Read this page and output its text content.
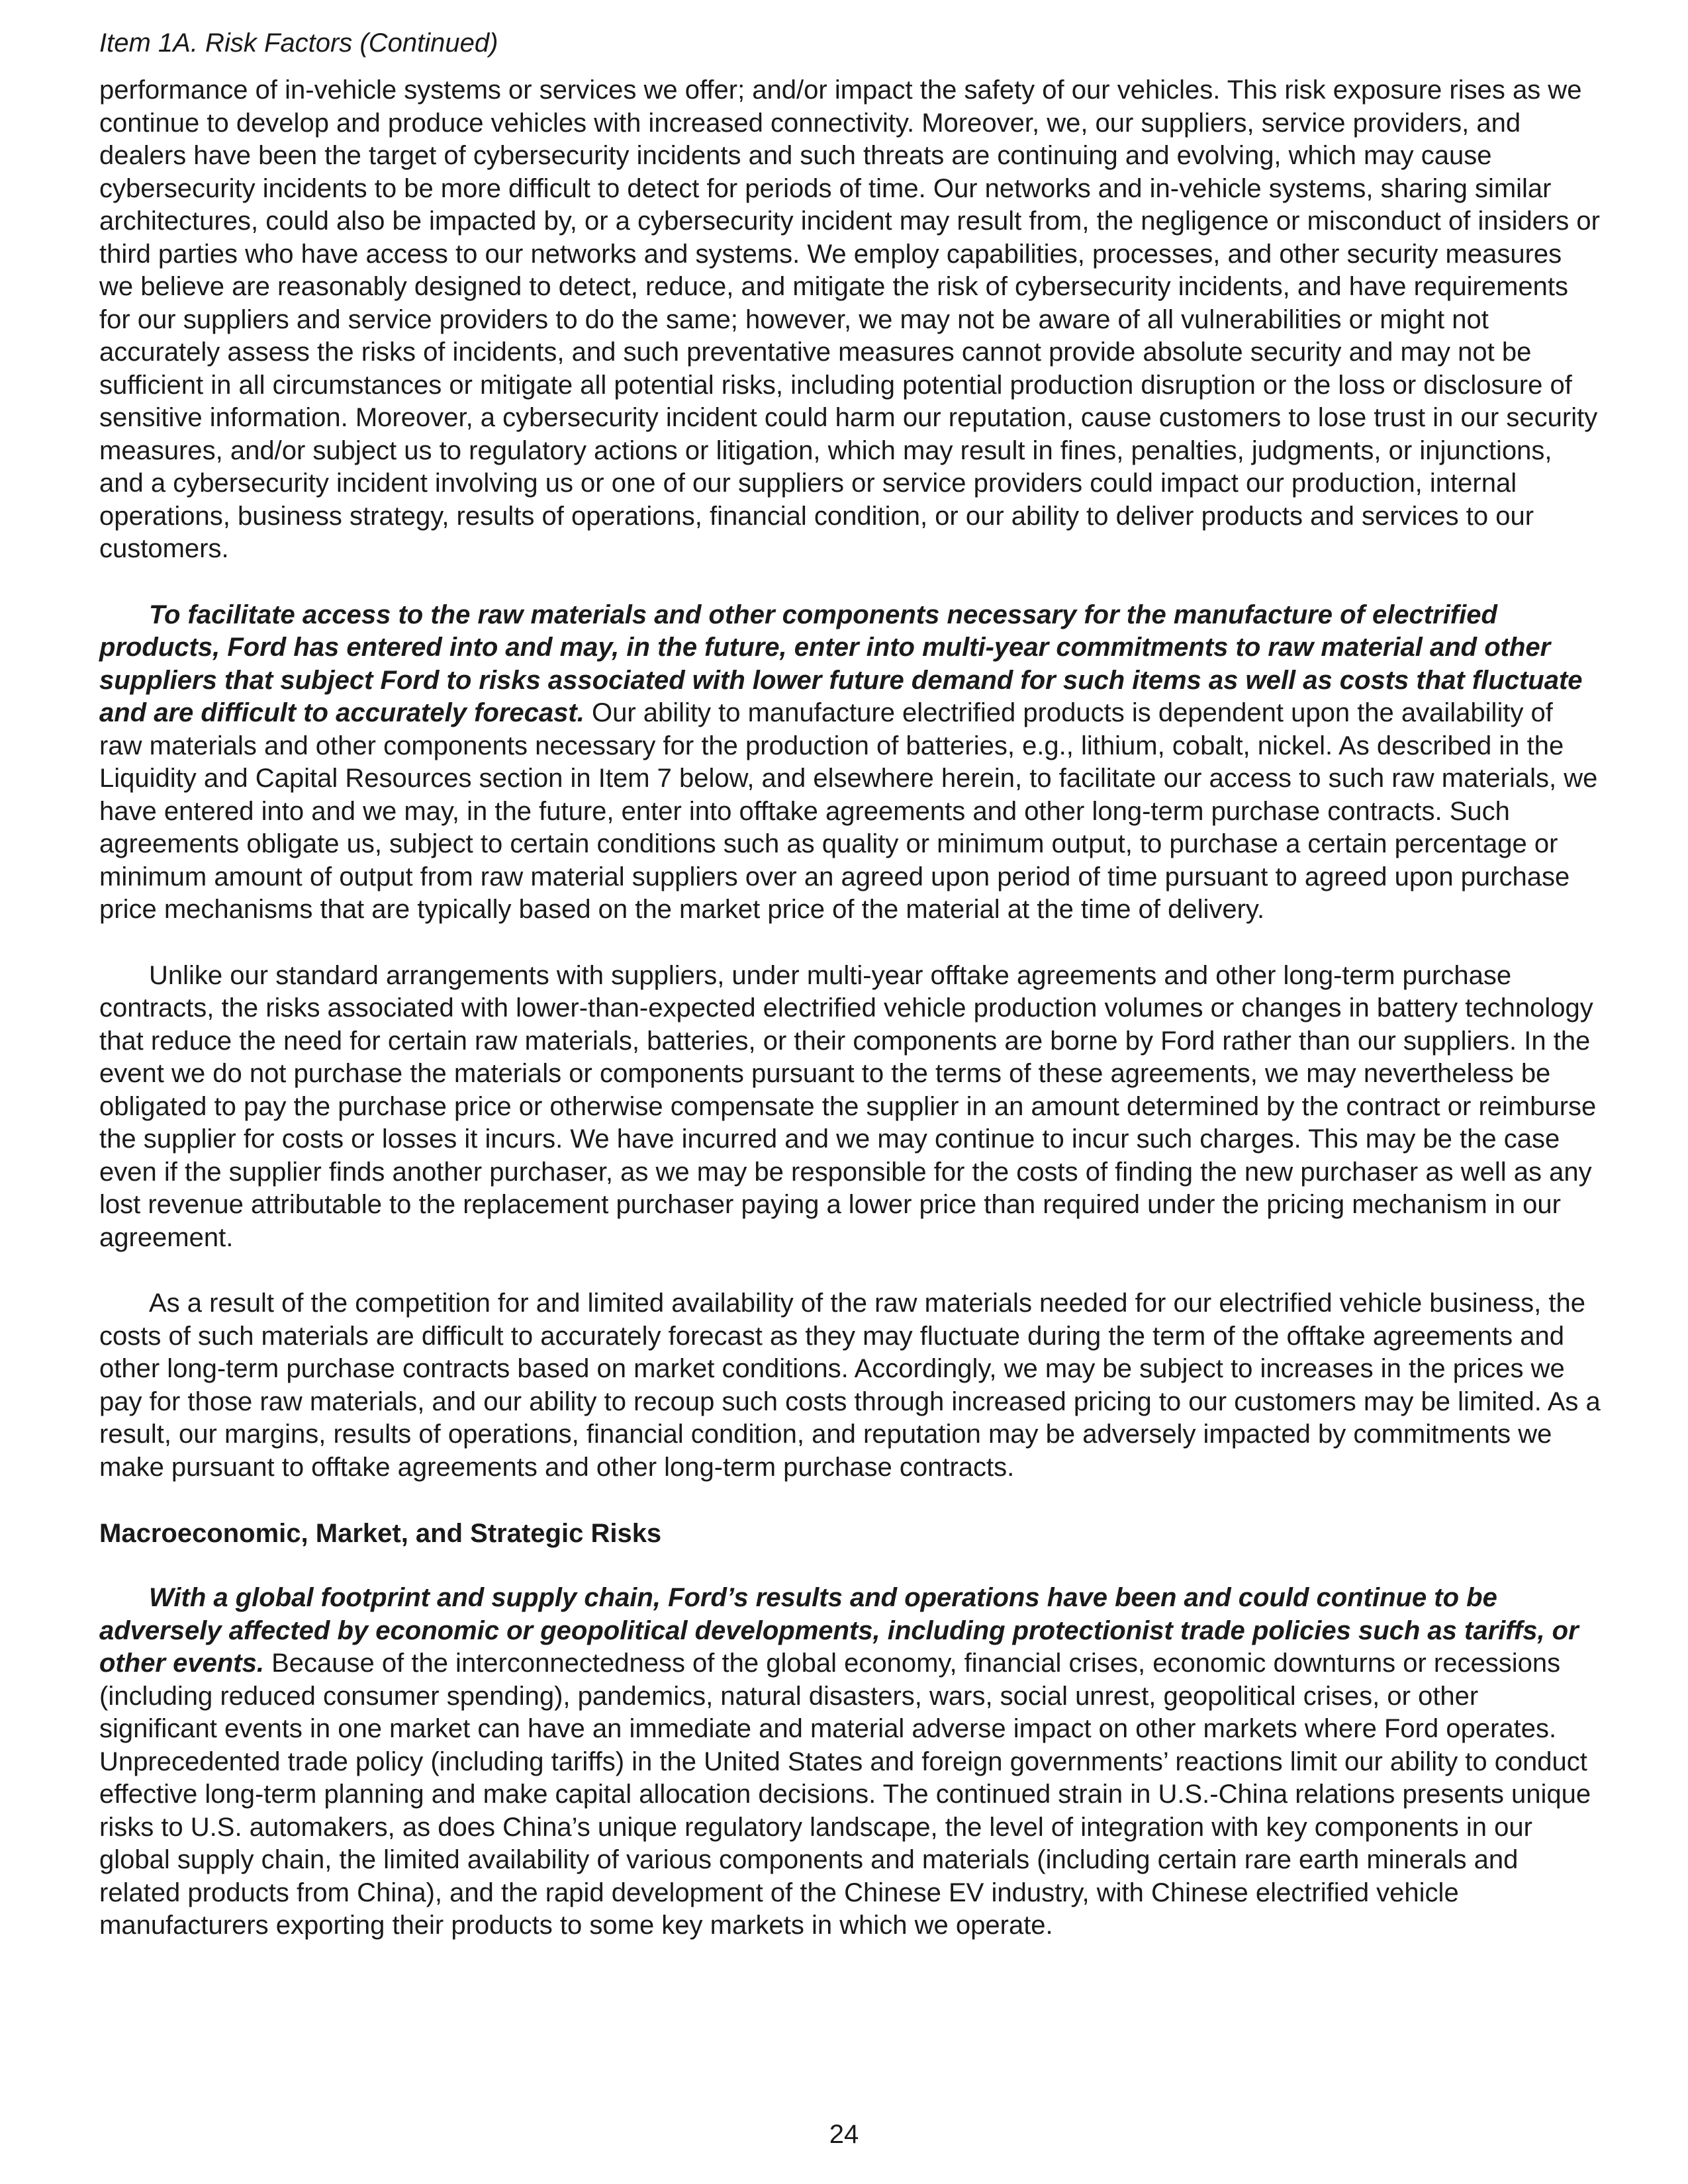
Item 1A. Risk Factors (Continued)

performance of in-vehicle systems or services we offer; and/or impact the safety of our vehicles. This risk exposure rises as we continue to develop and produce vehicles with increased connectivity. Moreover, we, our suppliers, service providers, and dealers have been the target of cybersecurity incidents and such threats are continuing and evolving, which may cause cybersecurity incidents to be more difficult to detect for periods of time. Our networks and in-vehicle systems, sharing similar architectures, could also be impacted by, or a cybersecurity incident may result from, the negligence or misconduct of insiders or third parties who have access to our networks and systems. We employ capabilities, processes, and other security measures we believe are reasonably designed to detect, reduce, and mitigate the risk of cybersecurity incidents, and have requirements for our suppliers and service providers to do the same; however, we may not be aware of all vulnerabilities or might not accurately assess the risks of incidents, and such preventative measures cannot provide absolute security and may not be sufficient in all circumstances or mitigate all potential risks, including potential production disruption or the loss or disclosure of sensitive information. Moreover, a cybersecurity incident could harm our reputation, cause customers to lose trust in our security measures, and/or subject us to regulatory actions or litigation, which may result in fines, penalties, judgments, or injunctions, and a cybersecurity incident involving us or one of our suppliers or service providers could impact our production, internal operations, business strategy, results of operations, financial condition, or our ability to deliver products and services to our customers.

To facilitate access to the raw materials and other components necessary for the manufacture of electrified products, Ford has entered into and may, in the future, enter into multi-year commitments to raw material and other suppliers that subject Ford to risks associated with lower future demand for such items as well as costs that fluctuate and are difficult to accurately forecast. Our ability to manufacture electrified products is dependent upon the availability of raw materials and other components necessary for the production of batteries, e.g., lithium, cobalt, nickel. As described in the Liquidity and Capital Resources section in Item 7 below, and elsewhere herein, to facilitate our access to such raw materials, we have entered into and we may, in the future, enter into offtake agreements and other long-term purchase contracts. Such agreements obligate us, subject to certain conditions such as quality or minimum output, to purchase a certain percentage or minimum amount of output from raw material suppliers over an agreed upon period of time pursuant to agreed upon purchase price mechanisms that are typically based on the market price of the material at the time of delivery.

Unlike our standard arrangements with suppliers, under multi-year offtake agreements and other long-term purchase contracts, the risks associated with lower-than-expected electrified vehicle production volumes or changes in battery technology that reduce the need for certain raw materials, batteries, or their components are borne by Ford rather than our suppliers. In the event we do not purchase the materials or components pursuant to the terms of these agreements, we may nevertheless be obligated to pay the purchase price or otherwise compensate the supplier in an amount determined by the contract or reimburse the supplier for costs or losses it incurs. We have incurred and we may continue to incur such charges. This may be the case even if the supplier finds another purchaser, as we may be responsible for the costs of finding the new purchaser as well as any lost revenue attributable to the replacement purchaser paying a lower price than required under the pricing mechanism in our agreement.

As a result of the competition for and limited availability of the raw materials needed for our electrified vehicle business, the costs of such materials are difficult to accurately forecast as they may fluctuate during the term of the offtake agreements and other long-term purchase contracts based on market conditions. Accordingly, we may be subject to increases in the prices we pay for those raw materials, and our ability to recoup such costs through increased pricing to our customers may be limited. As a result, our margins, results of operations, financial condition, and reputation may be adversely impacted by commitments we make pursuant to offtake agreements and other long-term purchase contracts.

Macroeconomic, Market, and Strategic Risks

With a global footprint and supply chain, Ford’s results and operations have been and could continue to be adversely affected by economic or geopolitical developments, including protectionist trade policies such as tariffs, or other events. Because of the interconnectedness of the global economy, financial crises, economic downturns or recessions (including reduced consumer spending), pandemics, natural disasters, wars, social unrest, geopolitical crises, or other significant events in one market can have an immediate and material adverse impact on other markets where Ford operates. Unprecedented trade policy (including tariffs) in the United States and foreign governments’ reactions limit our ability to conduct effective long-term planning and make capital allocation decisions. The continued strain in U.S.-China relations presents unique risks to U.S. automakers, as does China’s unique regulatory landscape, the level of integration with key components in our global supply chain, the limited availability of various components and materials (including certain rare earth minerals and related products from China), and the rapid development of the Chinese EV industry, with Chinese electrified vehicle manufacturers exporting their products to some key markets in which we operate.

24
